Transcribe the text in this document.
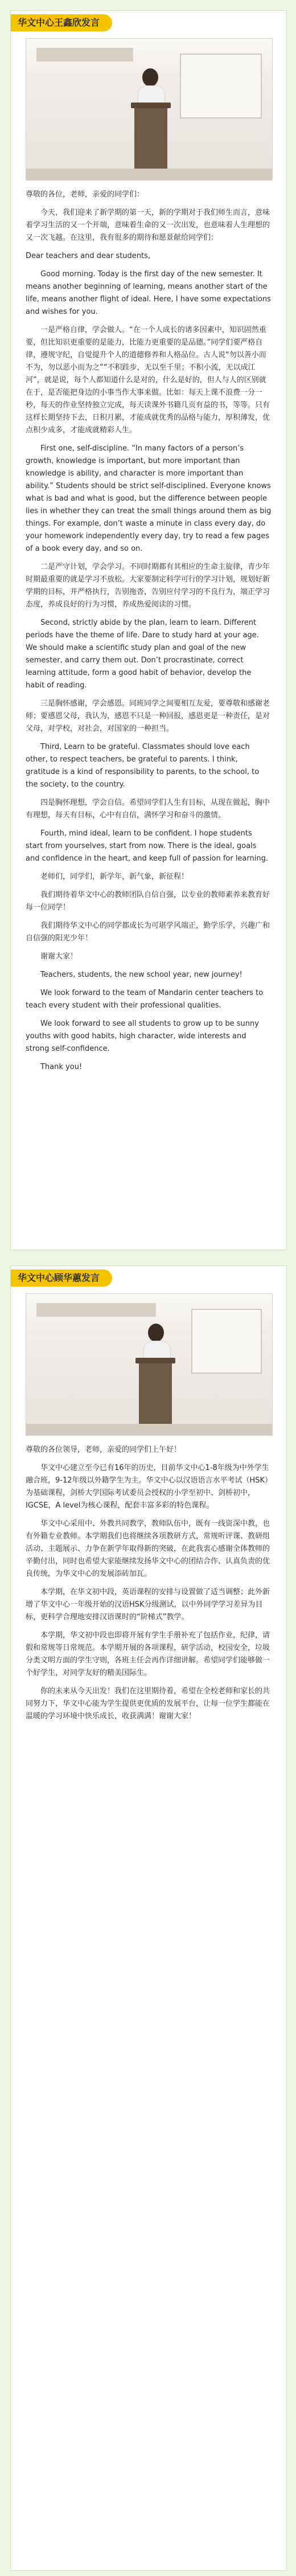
华文中心王鑫欣发言

尊敬的各位，老师，亲爱的同学们：

今天，我们迎来了新学期的第一天，新的学期对于我们师生而言，意味着学习生活的又一个开端，意味着生命的又一次出发，也意味着人生理想的又一次飞越。在这里，我有很多的期待和愿景献给同学们：

Dear teachers and dear students,

Good morning. Today is the first day of the new semester. It means another beginning of learning, means another start of the life, means another flight of ideal. Here, I have some expectations and wishes for you.

一是严格自律，学会做人。“在一个人成长的诸多因素中，知识固然重要，但比知识更重要的是能力，比能力更重要的是品德。”同学们要严格自律，遵规守纪，自觉提升个人的道德修养和人格品位。古人说“勿以善小而不为，勿以恶小而为之”“不积跬步，无以至千里；不积小流，无以成江河”，就是说，每个人都知道什么是对的，什么是好的，但人与人的区别就在于，是否能把身边的小事当作大事来做。比如：每天上课不浪费一分一秒，每天的作业坚持独立完成，每天读课外书籍几页有益的书，等等。只有这样长期坚持下去，日积月累，才能成就优秀的品格与能力，厚积薄发，优点积少成多，才能成就精彩人生。

First one, self-discipline. “In many factors of a person’s growth, knowledge is important, but more important than knowledge is ability, and character is more important than ability.” Students should be strict self-disciplined. Everyone knows what is bad and what is good, but the difference between people lies in whether they can treat the small things around them as big things. For example, don’t waste a minute in class every day, do your homework independently every day, try to read a few pages of a book every day, and so on.

二是严守计划，学会学习。不同时期都有其相应的生命主旋律，青少年时期最重要的就是学习不放松。大家要制定科学可行的学习计划，规划好新学期的目标，并严格执行，告别拖沓，告别应付学习的不良行为，端正学习态度，养成良好的行为习惯，养成热爱阅读的习惯。

Second, strictly abide by the plan, learn to learn. Different periods have the theme of life. Dare to study hard at your age. We should make a scientific study plan and goal of the new semester, and carry them out. Don’t procrastinate, correct learning attitude, form a good habit of behavior, develop the habit of reading.

三是胸怀感谢，学会感恩。同班同学之间要相互友爱，要尊敬和感谢老师；要感恩父母，我认为，感恩不只是一种回报，感恩更是一种责任，是对父母，对学校，对社会，对国家的一种担当。

Third, Learn to be grateful. Classmates should love each other, to respect teachers, be grateful to parents. I think, gratitude is a kind of responsibility to parents, to the school, to the society, to the country.

四是胸怀理想，学会自信。希望同学们人生有目标，从现在做起，胸中有理想，每天有目标，心中有自信，满怀学习和奋斗的激情。

Fourth, mind ideal, learn to be confident. I hope students start from yourselves, start from now. There is the ideal, goals and confidence in the heart, and keep full of passion for learning.

老师们，同学们，新学年，新气象，新征程！

我们期待着华文中心的教师团队自信自强，以专业的教师素养来教育好每一位同学！

我们期待华文中心的同学都成长为可堪学风端正，勤学乐学，兴趣广和自信强的阳光少年！

谢谢大家！

Teachers, students, the new school year, new journey!

We look forward to the team of Mandarin center teachers to teach every student with their professional qualities.

We look forward to see all students to grow up to be sunny youths with good habits, high character, wide interests and strong self-confidence.

Thank you!

华文中心顾华蕙发言

尊敬的各位领导，老师，亲爱的同学们上午好！

华文中心建立至今已有16年的历史，目前华文中心1-8年级为中外学生融合班，9-12年级以外籍学生为主。华文中心以汉语语言水平考试（HSK）为基础课程，剑桥大学国际考试委员会授权的小学至初中、剑桥初中，IGCSE，A level为核心课程，配套丰富多彩的特色课程。

华文中心采用中、外教共同教学，教师队伍中，既有一线资深中教，也有外籍专业教师。本学期我们也将继续各项教研方式，常规听评课、教研组活动、主题展示、力争在新学年取得新的突破，在此我衷心感谢全体教师的辛勤付出，同时也希望大家能继续发扬华文中心的团结合作、认真负责的优良传统，为华文中心的发展添砖加瓦。

本学期，在华文初中段，英语课程的安排与设置做了适当调整；此外新增了华文中心一年级开始的汉语HSK分级测试，以中外同学学习差异为目标，更科学合理地安排汉语课时的“阶梯式”教学。

本学期，华文初中段也即将开展有学生手册补充了包括作业，纪律，请假和常规等日常规范。本学期开展的各项课程，研学活动，校园安全，垃圾分类文明方面的学生守则，各班主任会再作详细讲解。希望同学们能够做一个好学生，对同学友好的精美国际生。

你的未来从今天出发！我们在这里期待着，希望在全校老师和家长的共同努力下，华文中心能为学生提供更优质的发展平台，让每一位学生都能在温暖的学习环境中快乐成长，收获满满！谢谢大家！
